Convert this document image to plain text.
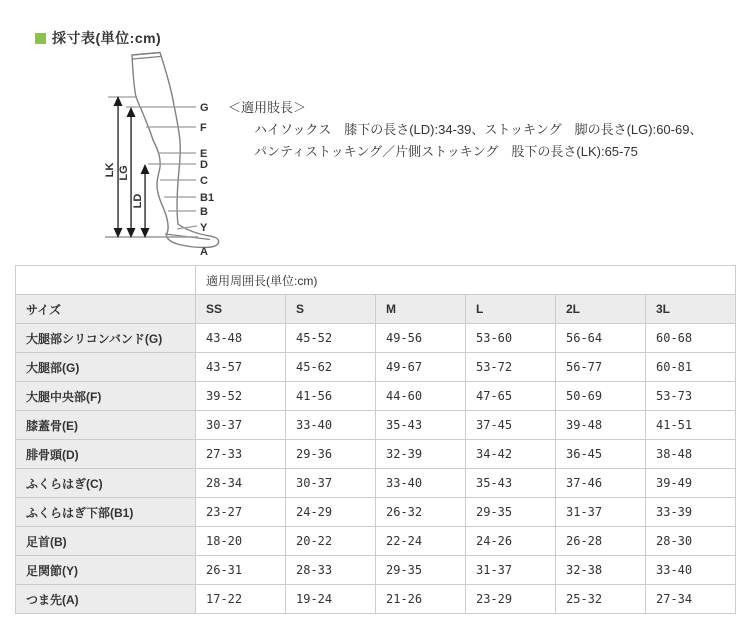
採寸表(単位:cm)
LK LG
LD
G
F
E
D
C
B1
B
Y
A
＜適用肢長＞
ハイソックス　膝下の長さ(LD):34-39、ストッキング　脚の長さ(LG):60-69、
パンティストッキング／片側ストッキング　股下の長さ(LK):65-75
	適用周囲長(単位:cm)					
サイズ	SS	S	M	L	2L	3L
大腿部シリコンバンド(G)	43-48	45-52	49-56	53-60	56-64	60-68
大腿部(G)	43-57	45-62	49-67	53-72	56-77	60-81
大腿中央部(F)	39-52	41-56	44-60	47-65	50-69	53-73
膝蓋骨(E)	30-37	33-40	35-43	37-45	39-48	41-51
腓骨頭(D)	27-33	29-36	32-39	34-42	36-45	38-48
ふくらはぎ(C)	28-34	30-37	33-40	35-43	37-46	39-49
ふくらはぎ下部(B1)	23-27	24-29	26-32	29-35	31-37	33-39
足首(B)	18-20	20-22	22-24	24-26	26-28	28-30
足関節(Y)	26-31	28-33	29-35	31-37	32-38	33-40
つま先(A)	17-22	19-24	21-26	23-29	25-32	27-34
